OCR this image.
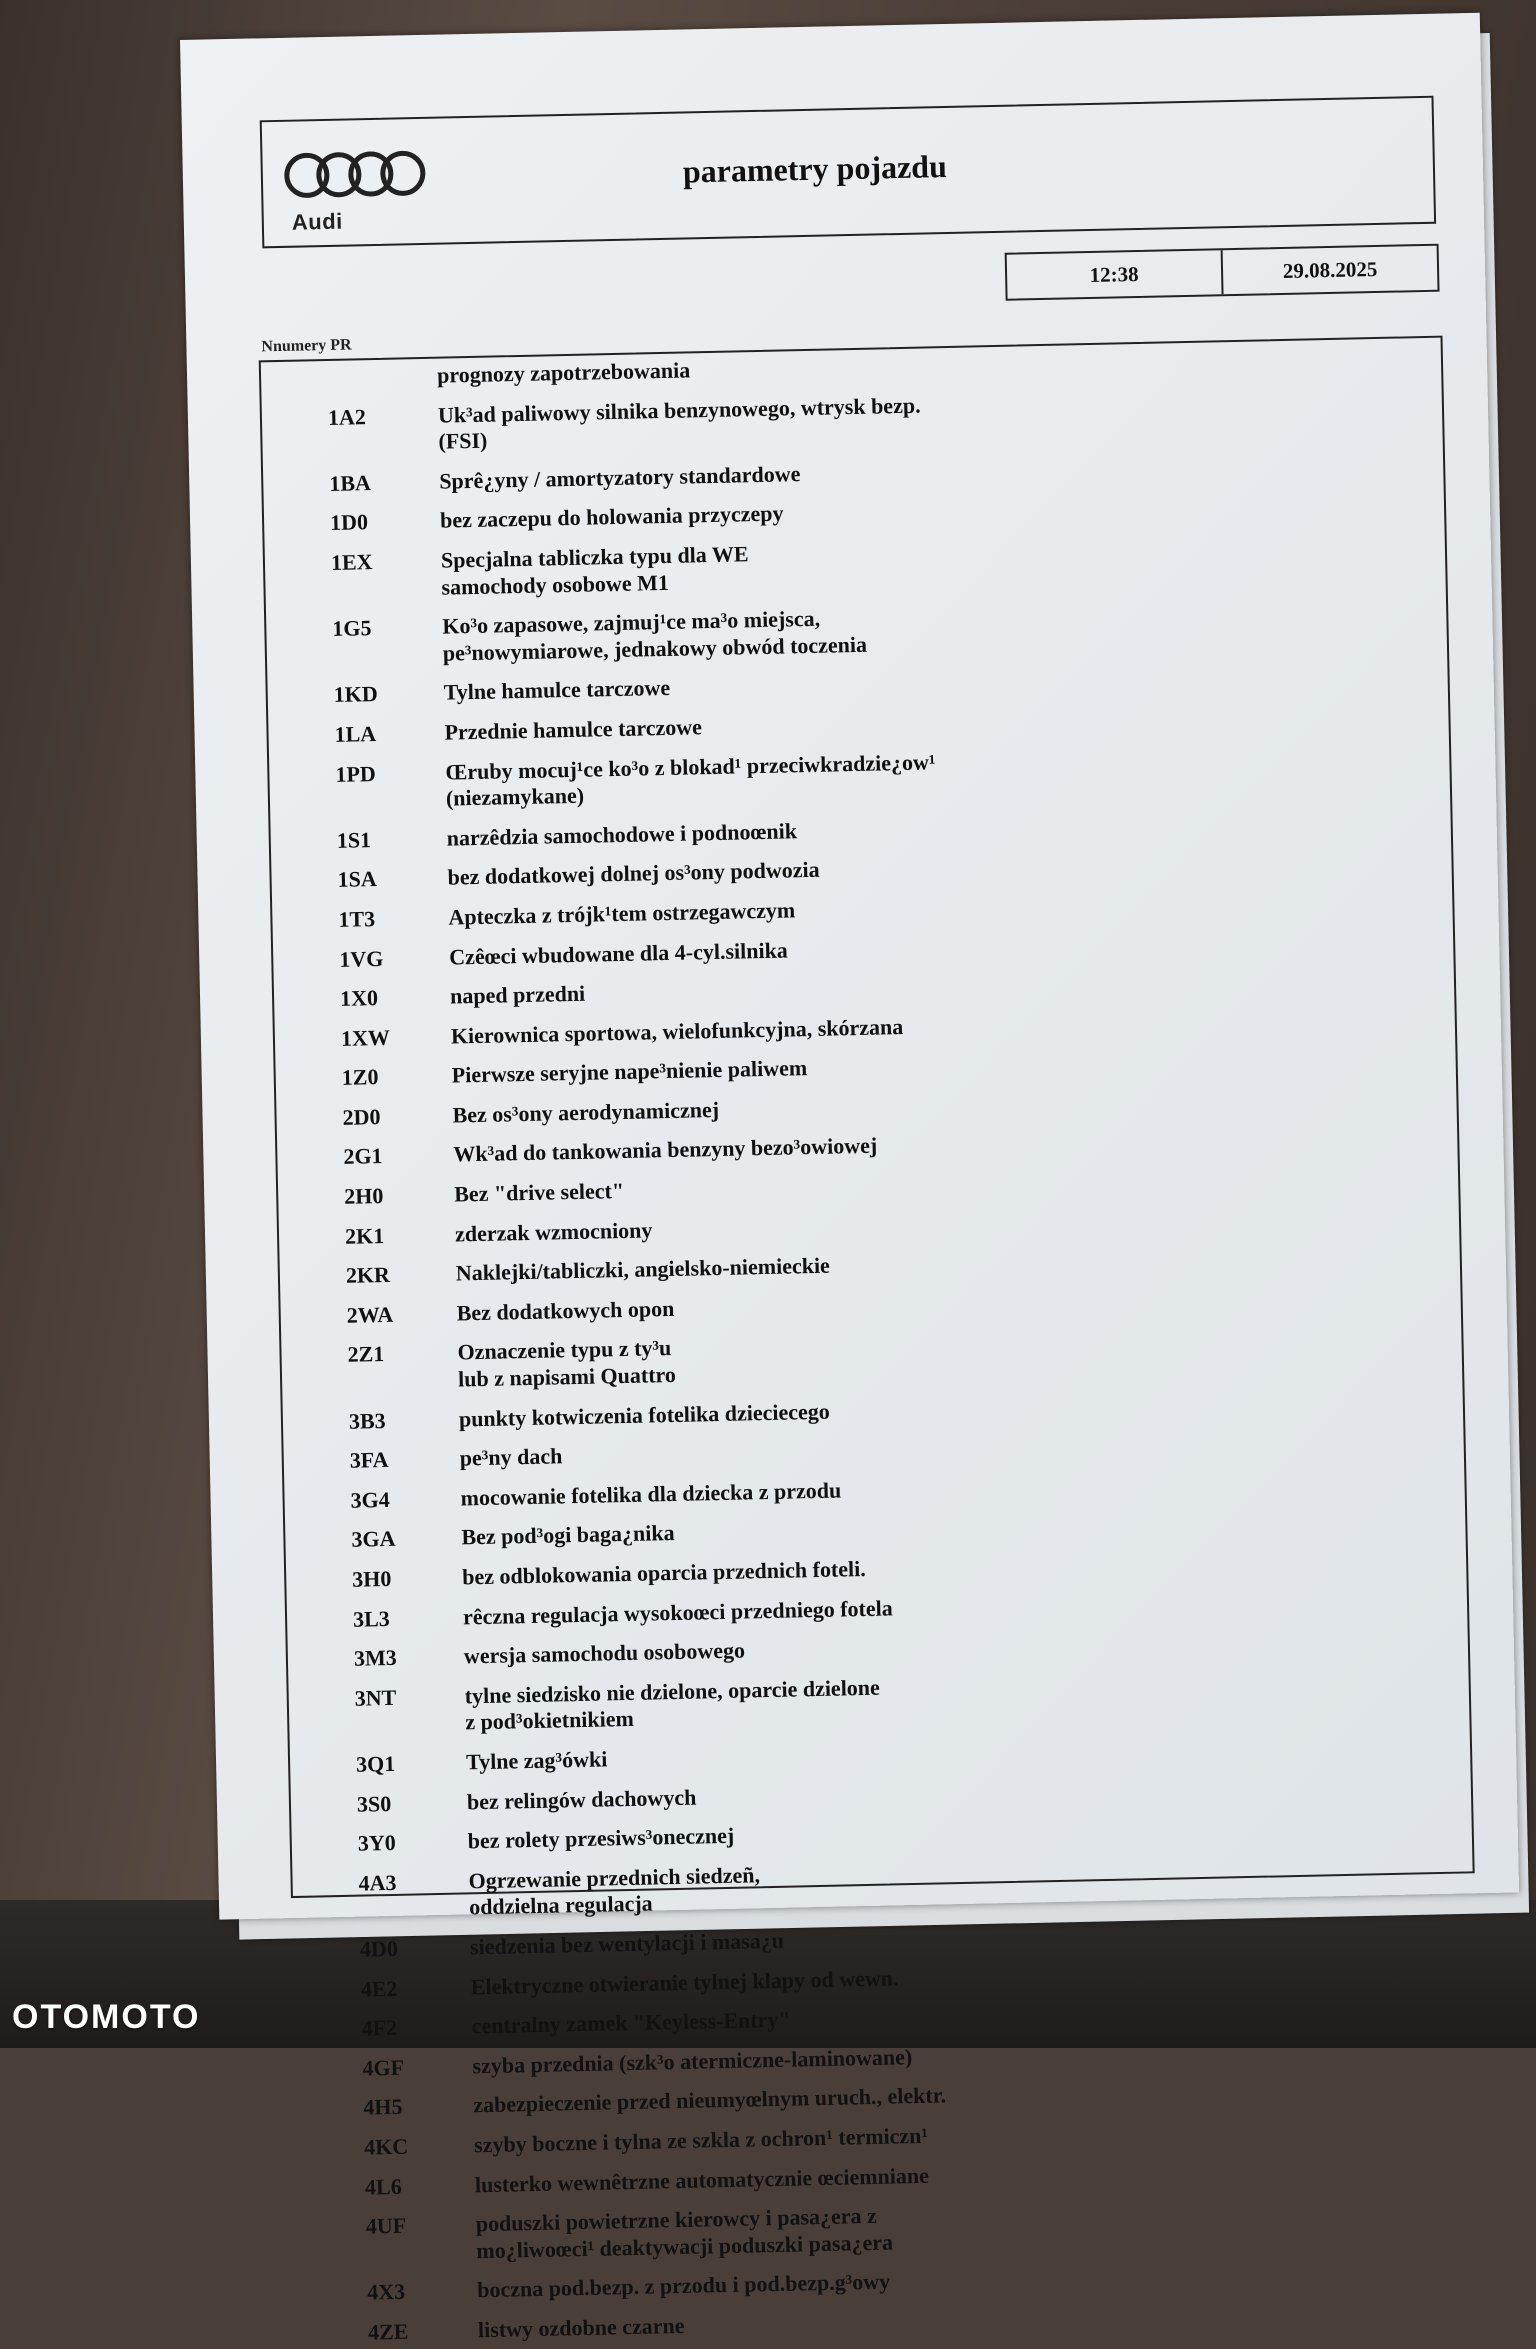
Audi
parametry pojazdu
12:38	29.08.2025
Nnumery PR
prognozy zapotrzebowania
1A2	Uk³ad paliwowy silnika benzynowego, wtrysk bezp.
(FSI)
1BA	Sprê¿yny / amortyzatory standardowe
1D0	bez zaczepu do holowania przyczepy
1EX	Specjalna tabliczka typu dla WE
samochody osobowe M1
1G5	Ko³o zapasowe, zajmuj¹ce ma³o miejsca,
pe³nowymiarowe, jednakowy obwód toczenia
1KD	Tylne hamulce tarczowe
1LA	Przednie hamulce tarczowe
1PD	Œruby mocuj¹ce ko³o z blokad¹ przeciwkradzie¿ow¹
(niezamykane)
1S1	narzêdzia samochodowe i podnoœnik
1SA	bez dodatkowej dolnej os³ony podwozia
1T3	Apteczka z trójk¹tem ostrzegawczym
1VG	Czêœci wbudowane dla 4-cyl.silnika
1X0	naped przedni
1XW	Kierownica sportowa, wielofunkcyjna, skórzana
1Z0	Pierwsze seryjne nape³nienie paliwem
2D0	Bez os³ony aerodynamicznej
2G1	Wk³ad do tankowania benzyny bezo³owiowej
2H0	Bez "drive select"
2K1	zderzak wzmocniony
2KR	Naklejki/tabliczki, angielsko-niemieckie
2WA	Bez dodatkowych opon
2Z1	Oznaczenie typu z ty³u
lub z napisami Quattro
3B3	punkty kotwiczenia fotelika dzieciecego
3FA	pe³ny dach
3G4	mocowanie fotelika dla dziecka z przodu
3GA	Bez pod³ogi baga¿nika
3H0	bez odblokowania oparcia przednich foteli.
3L3	rêczna regulacja wysokoœci przedniego fotela
3M3	wersja samochodu osobowego
3NT	tylne siedzisko nie dzielone, oparcie dzielone
z pod³okietnikiem
3Q1	Tylne zag³ówki
3S0	bez relingów dachowych
3Y0	bez rolety przesiws³onecznej
4A3	Ogrzewanie przednich siedzeñ,
oddzielna regulacja
4D0	siedzenia bez wentylacji i masa¿u
4E2	Elektryczne otwieranie tylnej klapy od wewn.
4F2	centralny zamek "Keyless-Entry"
4GF	szyba przednia (szk³o atermiczne-laminowane)
4H5	zabezpieczenie przed nieumyœlnym uruch., elektr.
4KC	szyby boczne i tylna ze szkla z ochron¹ termiczn¹
4L6	lusterko wewnêtrzne automatycznie œciemniane
4UF	poduszki powietrzne kierowcy i pasa¿era z
mo¿liwoœci¹ deaktywacji poduszki pasa¿era
4X3	boczna pod.bezp. z przodu i pod.bezp.g³owy
4ZE	listwy ozdobne czarne
OTOMOTO
